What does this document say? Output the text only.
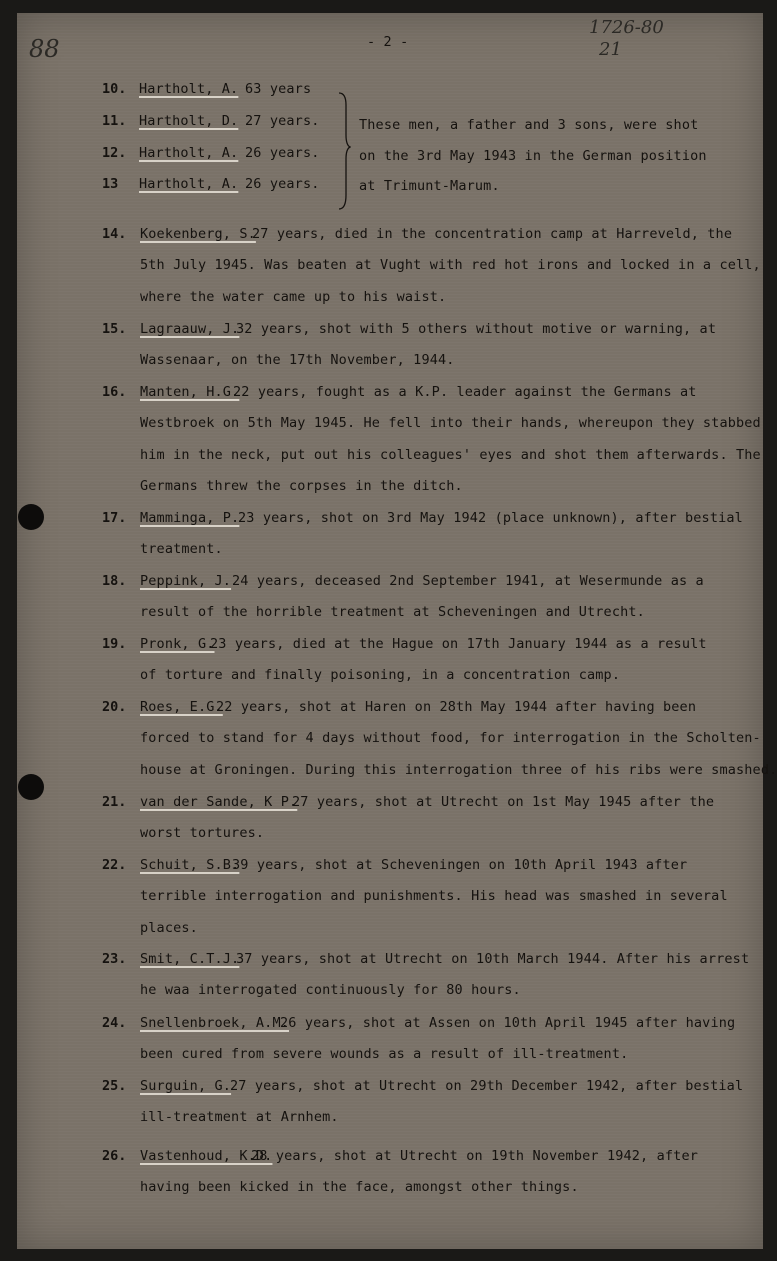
88
1726-80
21
- 2 -
10. Hartholt, A. 63 years
11. Hartholt, D. 27 years.
12. Hartholt, A. 26 years.
13 Hartholt, A. 26 years.
These men, a father and 3 sons, were shot
on the 3rd May 1943 in the German position
at Trimunt-Marum.
14. Koekenberg, S.
27 years, died in the concentration camp at Harreveld, the
5th July 1945. Was beaten at Vught with red hot irons and locked in a cell,
where the water came up to his waist.
15. Lagraauw, J.
32 years, shot with 5 others without motive or warning, at
Wassenaar, on the 17th November, 1944.
16. Manten, H.G.
22 years, fought as a K.P. leader against the Germans at
Westbroek on 5th May 1945. He fell into their hands, whereupon they stabbed
him in the neck, put out his colleagues' eyes and shot them afterwards. The
Germans threw the corpses in the ditch.
17. Mamminga, P.
23 years, shot on 3rd May 1942 (place unknown), after bestial
treatment.
18. Peppink, J. 24 years, deceased 2nd September 1941, at Wesermunde as a
result of the horrible treatment at Scheveningen and Utrecht.
19. Pronk, G.
23 years, died at the Hague on 17th January 1944 as a result
of torture and finally poisoning, in a concentration camp.
20. Roes, E.G.
22 years, shot at Haren on 28th May 1944 after having been
forced to stand for 4 days without food, for interrogation in the Scholten-
house at Groningen. During this interrogation three of his ribs were smashed.
21. van der Sande, K P.
27 years, shot at Utrecht on 1st May 1945 after the
worst tortures.
22. Schuit, S.B.
39 years, shot at Scheveningen on 10th April 1943 after
terrible interrogation and punishments. His head was smashed in several
places.
23. Smit, C.T.J.
37 years, shot at Utrecht on 10th March 1944. After his arrest
he waa interrogated continuously for 80 hours.
24. Snellenbroek, A.M.
26 years, shot at Assen on 10th April 1945 after having
been cured from severe wounds as a result of ill-treatment.
25. Surguin, G.
27 years, shot at Utrecht on 29th December 1942, after bestial
ill-treatment at Arnhem.
26. Vastenhoud, K.D.
28 years, shot at Utrecht on 19th November 1942, after
having been kicked in the face, amongst other things.
